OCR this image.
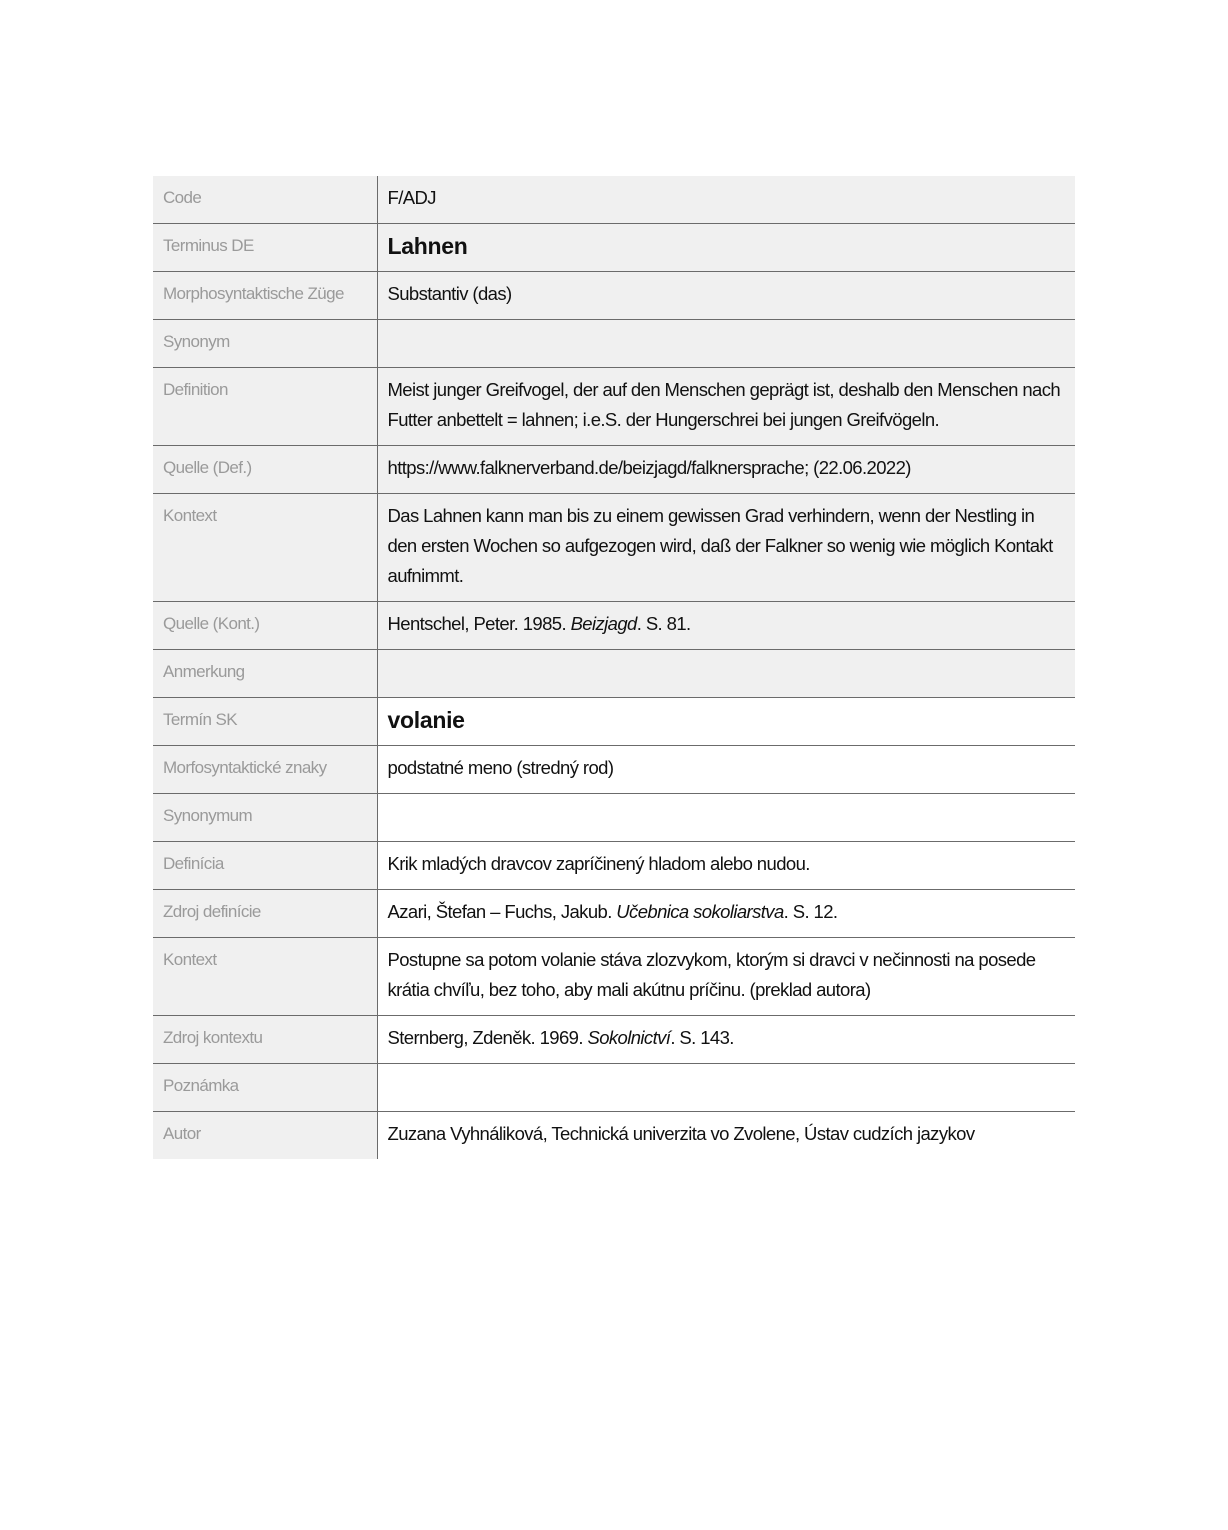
Code	F/ADJ
Terminus DE	Lahnen
Morphosyntaktische Züge	Substantiv (das)
Synonym	
Definition	Meist junger Greifvogel, der auf den Menschen geprägt ist, deshalb den Menschen nach Futter anbettelt = lahnen; i.e.S. der Hungerschrei bei jungen Greifvögeln.
Quelle (Def.)	https://www.falknerverband.de/beizjagd/falknersprache; (22.06.2022)
Kontext	Das Lahnen kann man bis zu einem gewissen Grad verhindern, wenn der Nestling in den ersten Wochen so aufgezogen wird, daß der Falkner so wenig wie möglich Kontakt aufnimmt.
Quelle (Kont.)	Hentschel, Peter. 1985. Beizjagd. S. 81.
Anmerkung	
Termín SK	volanie
Morfosyntaktické znaky	podstatné meno (stredný rod)
Synonymum	
Definícia	Krik mladých dravcov zapríčinený hladom alebo nudou.
Zdroj definície	Azari, Štefan – Fuchs, Jakub. Učebnica sokoliarstva. S. 12.
Kontext	Postupne sa potom volanie stáva zlozvykom, ktorým si dravci v nečinnosti na posede krátia chvíľu, bez toho, aby mali akútnu príčinu. (preklad autora)
Zdroj kontextu	Sternberg, Zdeněk. 1969. Sokolnictví. S. 143.
Poznámka	
Autor	Zuzana Vyhnáliková, Technická univerzita vo Zvolene, Ústav cudzích jazykov
